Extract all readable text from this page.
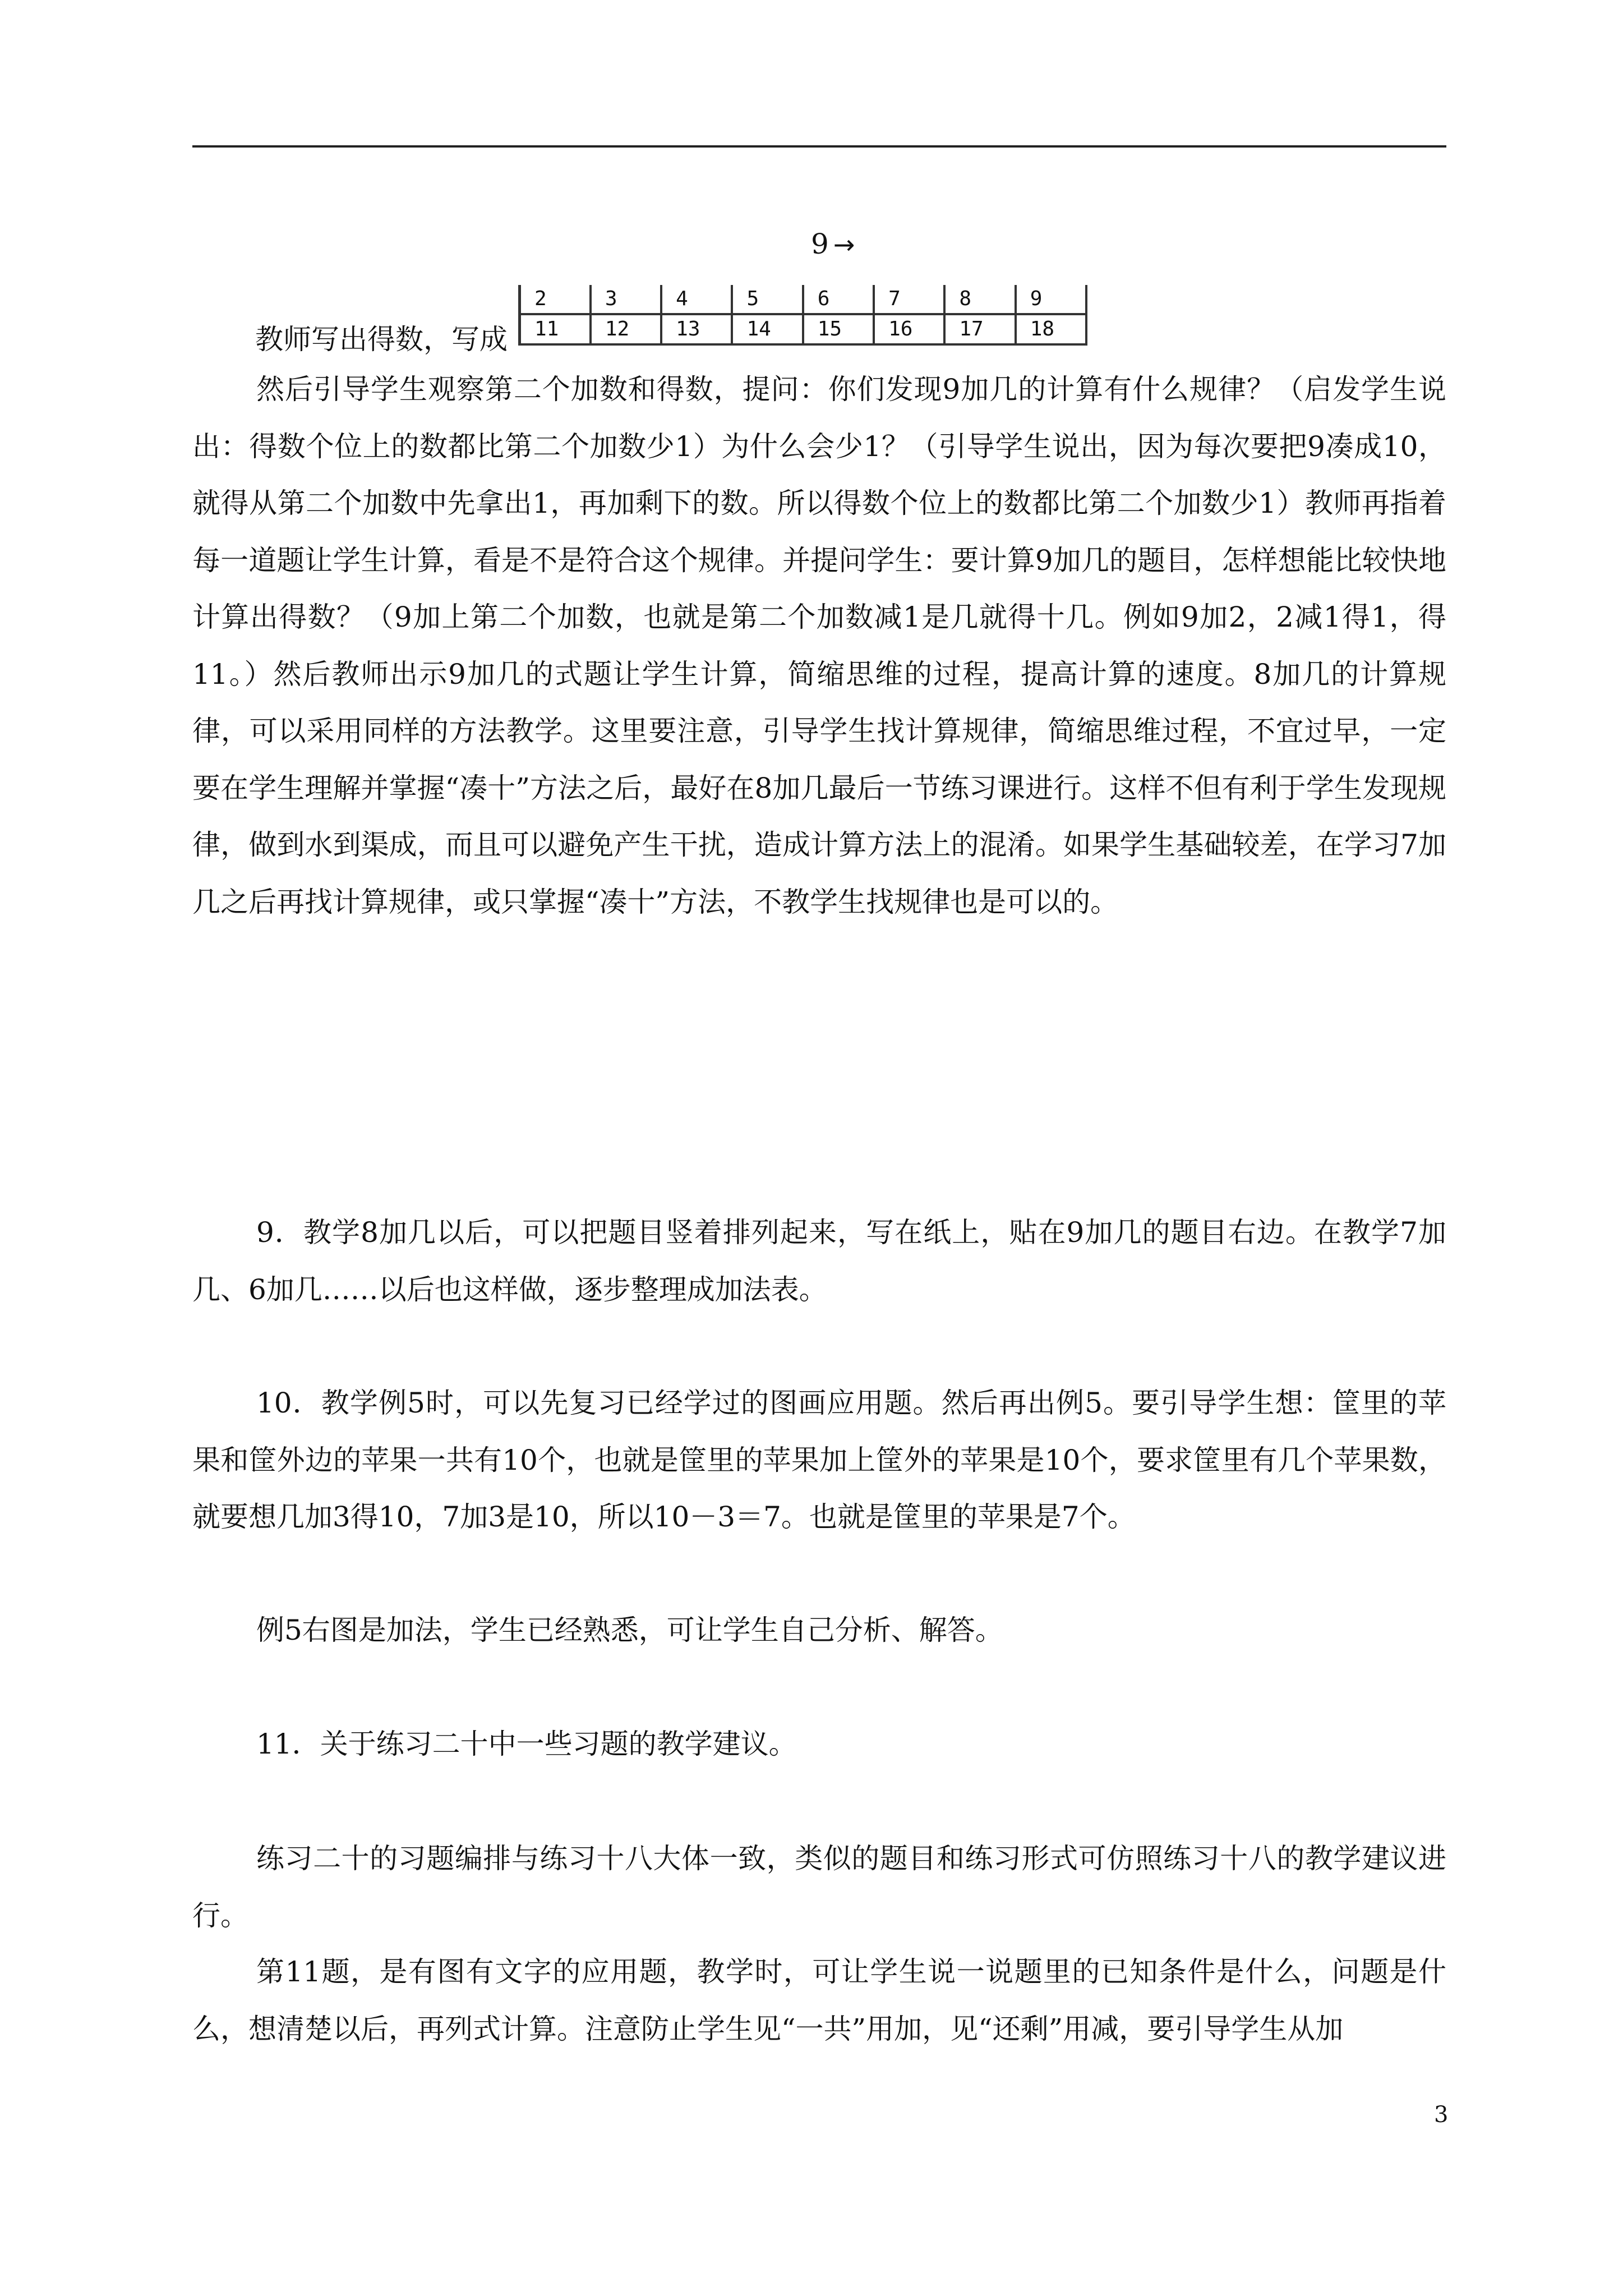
9 →
2	3	4	5	6	7	8	9
11	12	13	14	15	16	17	18
教师写出得数，写成

然后引导学生观察第二个加数和得数，提问：你们发现9加几的计算有什么规律？（启发学生说出：得数个位上的数都比第二个加数少1）为什么会少1？（引导学生说出，因为每次要把9凑成10，就得从第二个加数中先拿出1，再加剩下的数。所以得数个位上的数都比第二个加数少1）教师再指着每一道题让学生计算，看是不是符合这个规律。并提问学生：要计算9加几的题目，怎样想能比较快地计算出得数？（9加上第二个加数，也就是第二个加数减1是几就得十几。例如9加2，2减1得1，得11。）然后教师出示9加几的式题让学生计算，简缩思维的过程，提高计算的速度。8加几的计算规律，可以采用同样的方法教学。这里要注意，引导学生找计算规律，简缩思维过程，不宜过早，一定要在学生理解并掌握“凑十”方法之后，最好在8加几最后一节练习课进行。这样不但有利于学生发现规律，做到水到渠成，而且可以避免产生干扰，造成计算方法上的混淆。如果学生基础较差，在学习7加几之后再找计算规律，或只掌握“凑十”方法，不教学生找规律也是可以的。

9．教学8加几以后，可以把题目竖着排列起来，写在纸上，贴在9加几的题目右边。在教学7加几、6加几……以后也这样做，逐步整理成加法表。

10．教学例5时，可以先复习已经学过的图画应用题。然后再出例5。要引导学生想：筐里的苹果和筐外边的苹果一共有10个，也就是筐里的苹果加上筐外的苹果是10个，要求筐里有几个苹果数，就要想几加3得10，7加3是10，所以10－3＝7。也就是筐里的苹果是7个。

例5右图是加法，学生已经熟悉，可让学生自己分析、解答。

11．关于练习二十中一些习题的教学建议。

练习二十的习题编排与练习十八大体一致，类似的题目和练习形式可仿照练习十八的教学建议进行。

第11题，是有图有文字的应用题，教学时，可让学生说一说题里的已知条件是什么，问题是什么，想清楚以后，再列式计算。注意防止学生见“一共”用加，见“还剩”用减，要引导学生从加

3
